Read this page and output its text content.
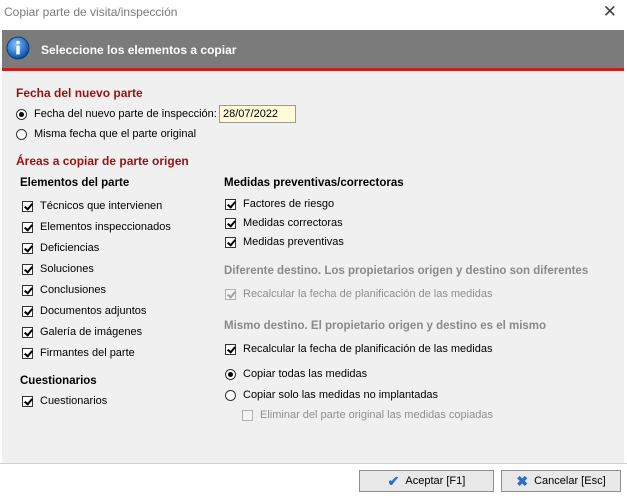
Copiar parte de visita/inspección	✕
Seleccione los elementos a copiar
Fecha del nuevo parte
Fecha del nuevo parte de inspección:
28/07/2022
Misma fecha que el parte original
Áreas a copiar de parte origen
Elementos del parte
Técnicos que intervienen
Elementos inspeccionados
Deficiencias
Soluciones
Conclusiones
Documentos adjuntos
Galería de imágenes
Firmantes del parte
Cuestionarios
Cuestionarios
Medidas preventivas/correctoras
Factores de riesgo
Medidas correctoras
Medidas preventivas
Diferente destino. Los propietarios origen y destino son diferentes
Recalcular la fecha de planificación de las medidas
Mismo destino. El propietario origen y destino es el mismo
Recalcular la fecha de planificación de las medidas
Copiar todas las medidas
Copiar solo las medidas no implantadas
Eliminar del parte original las medidas copiadas
✔ Aceptar [F1]	✖ Cancelar [Esc]
